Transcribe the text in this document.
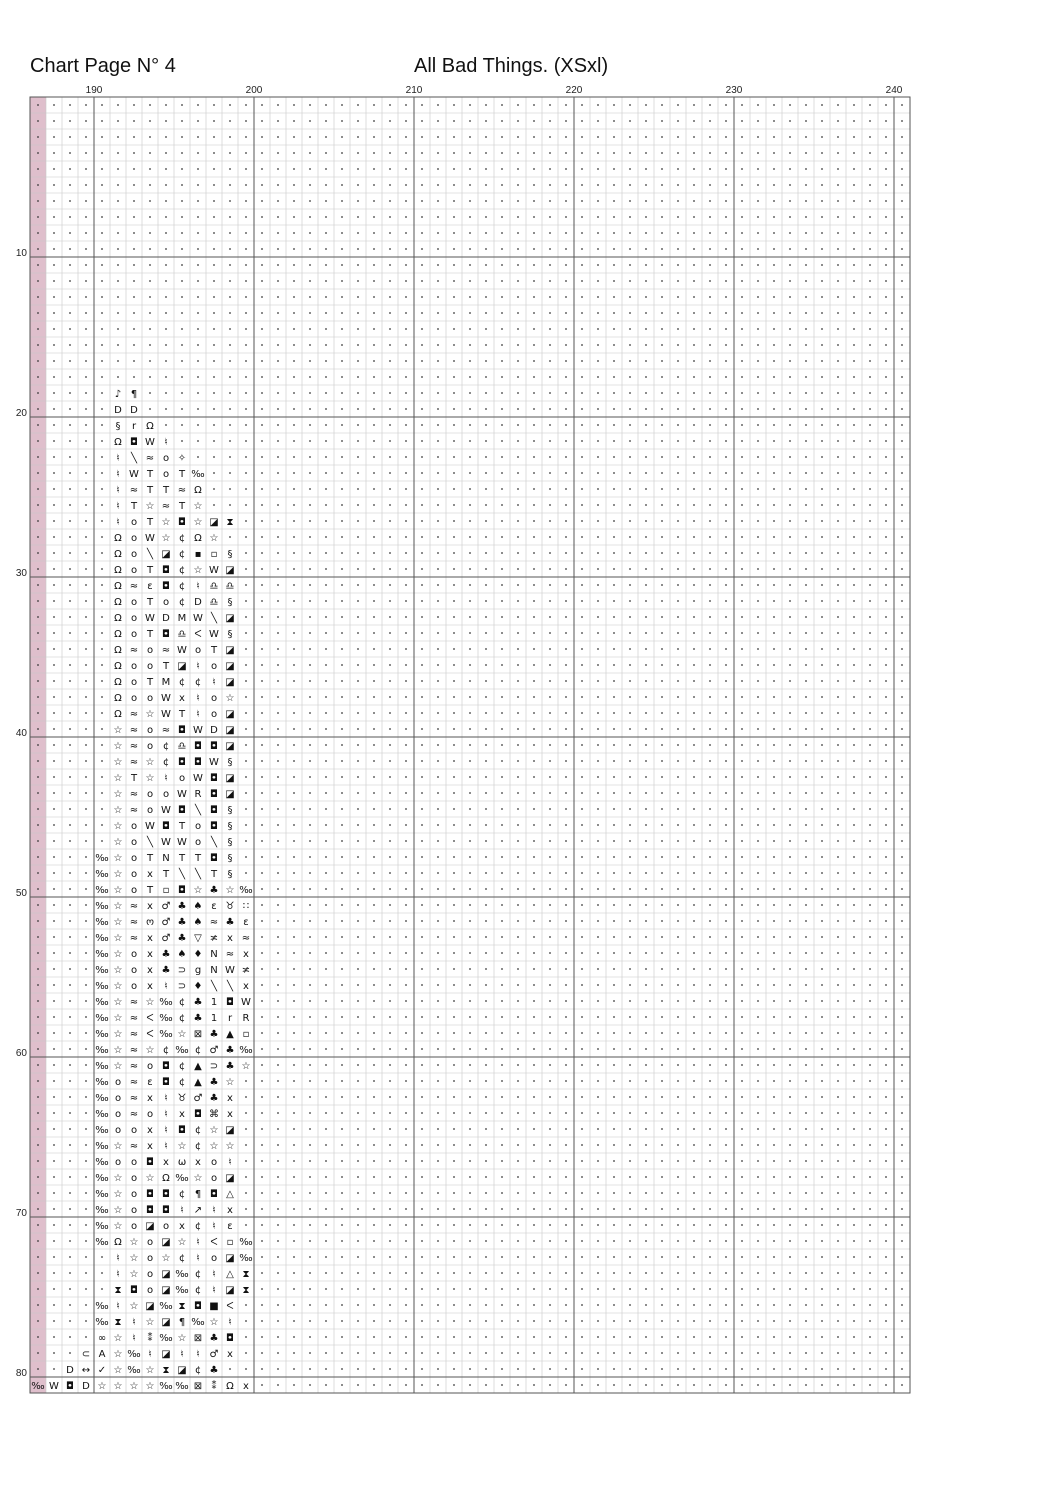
Chart Page N° 4	All Bad Things. (XSxl)
190	200	210	220	230	240
10
20
30
40
50
60
70
80
♪ ¶
D D
§ r Ω
Ω ◘ W ♮
♮ ╲ ≈ o ✧
♮ W T o T ‰
♮ ≈ T T ≈ Ω
♮ T ☆ ≈ T ☆
♮ o T ☆ ◘ ☆ ◪ ⧗
Ω o W ☆ ¢ Ω ☆
Ω o ╲ ◪ ¢ ▪ ▫ §
Ω o T ◘ ¢ ☆ W ◪
Ω ≈ ɛ ◘ ¢ ♮ ♎ ♎
Ω o T o ¢ D ♎ §
Ω o W D M W ╲ ◪
Ω o T ◘ ♎ ᐸ W §
Ω ≈ o ≈ W o T ◪
Ω o o T ◪ ♮ o ◪
Ω o T M ¢ ¢ ♮ ◪
Ω o o W x ♮ o ☆
Ω ≈ ☆ W T ♮ o ◪
☆ ≈ o ≈ ◘ W D ◪
☆ ≈ o ¢ ♎ ◘ ◘ ◪
☆ ≈ ☆ ¢ ◘ ◘ W §
☆ T ☆ ♮ o W ◘ ◪
☆ ≈ o o W R ◘ ◪
☆ ≈ o W ◘ ╲ ◘ §
☆ o W ◘ T o ◘ §
☆ o ╲ W W o ╲ §
‰ ☆ o T N T T ◘ §
‰ ☆ o x T ╲ ╲ T §
‰ ☆ o T ▫ ◘ ☆ ♣ ☆ ‰
‰ ☆ ≈ x ♂ ♣ ♠ ɛ ♉ ∷
‰ ☆ ≈ ო ♂ ♣ ♠ ≈ ♣ ɛ
‰ ☆ ≈ x ♂ ♣ ▽ ≭ x ≈
‰ ☆ o x ♣ ♠ ♦ N ≈ x
‰ ☆ o x ♣ ⊃ g N W ≭
‰ ☆ o x ♮ ⊃ ♦ ╲ ╲ x
‰ ☆ ≈ ☆ ‰ ¢ ♣ 1 ◘ W
‰ ☆ ≈ ᐸ ‰ ¢ ♣ 1 r R
‰ ☆ ≈ ᐸ ‰ ☆ ⊠ ♣ ▲ ▫
‰ ☆ ≈ ☆ ¢ ‰ ¢ ♂ ♣ ‰
‰ ☆ ≈ o ◘ ¢ ▲ ⊃ ♣ ☆
‰ o ≈ ɛ ◘ ¢ ▲ ♣ ☆
‰ o ≈ x ♮ ♉ ♂ ♣ x
‰ o ≈ o ♮ x ◘ ⌘ x
‰ o o x ♮ ◘ ¢ ☆ ◪
‰ ☆ ≈ x ♮ ☆ ¢ ☆ ☆
‰ o o ◘ x ω x o ♮
‰ ☆ o ☆ Ω ‰ ☆ o ◪
‰ ☆ o ◘ ◘ ¢ ¶ ◘ △
‰ ☆ o ◘ ◘ ♮ ↗ ♮ x
‰ ☆ o ◪ o x ¢ ♮ ɛ
‰ Ω ☆ o ◪ ☆ ♮ ᐸ ▫ ‰
♮ ☆ o ☆ ¢ ♮ o ◪ ‰
♮ ☆ o ◪ ‰ ¢ ♮ △ ⧗
⧗ ◘ o ◪ ‰ ¢ ♮ ◪ ⧗
‰ ♮ ☆ ◪ ‰ ⧗ ◘ ■ ᐸ
‰ ⧗ ♮ ☆ ◪ ¶ ‰ ☆ ♮
∞ ☆ ♮ ⁑ ‰ ☆ ⊠ ♣ ◘
⊂ A ☆ ‰ ♮ ◪ ♮ ♮ ♂ x
D ↔ ✓ ☆ ‰ ☆ ⧗ ◪ ¢ ♣
‰ W ◘ D ☆ ☆ ☆ ☆ ‰ ‰ ⊠ ⁑ Ω x
